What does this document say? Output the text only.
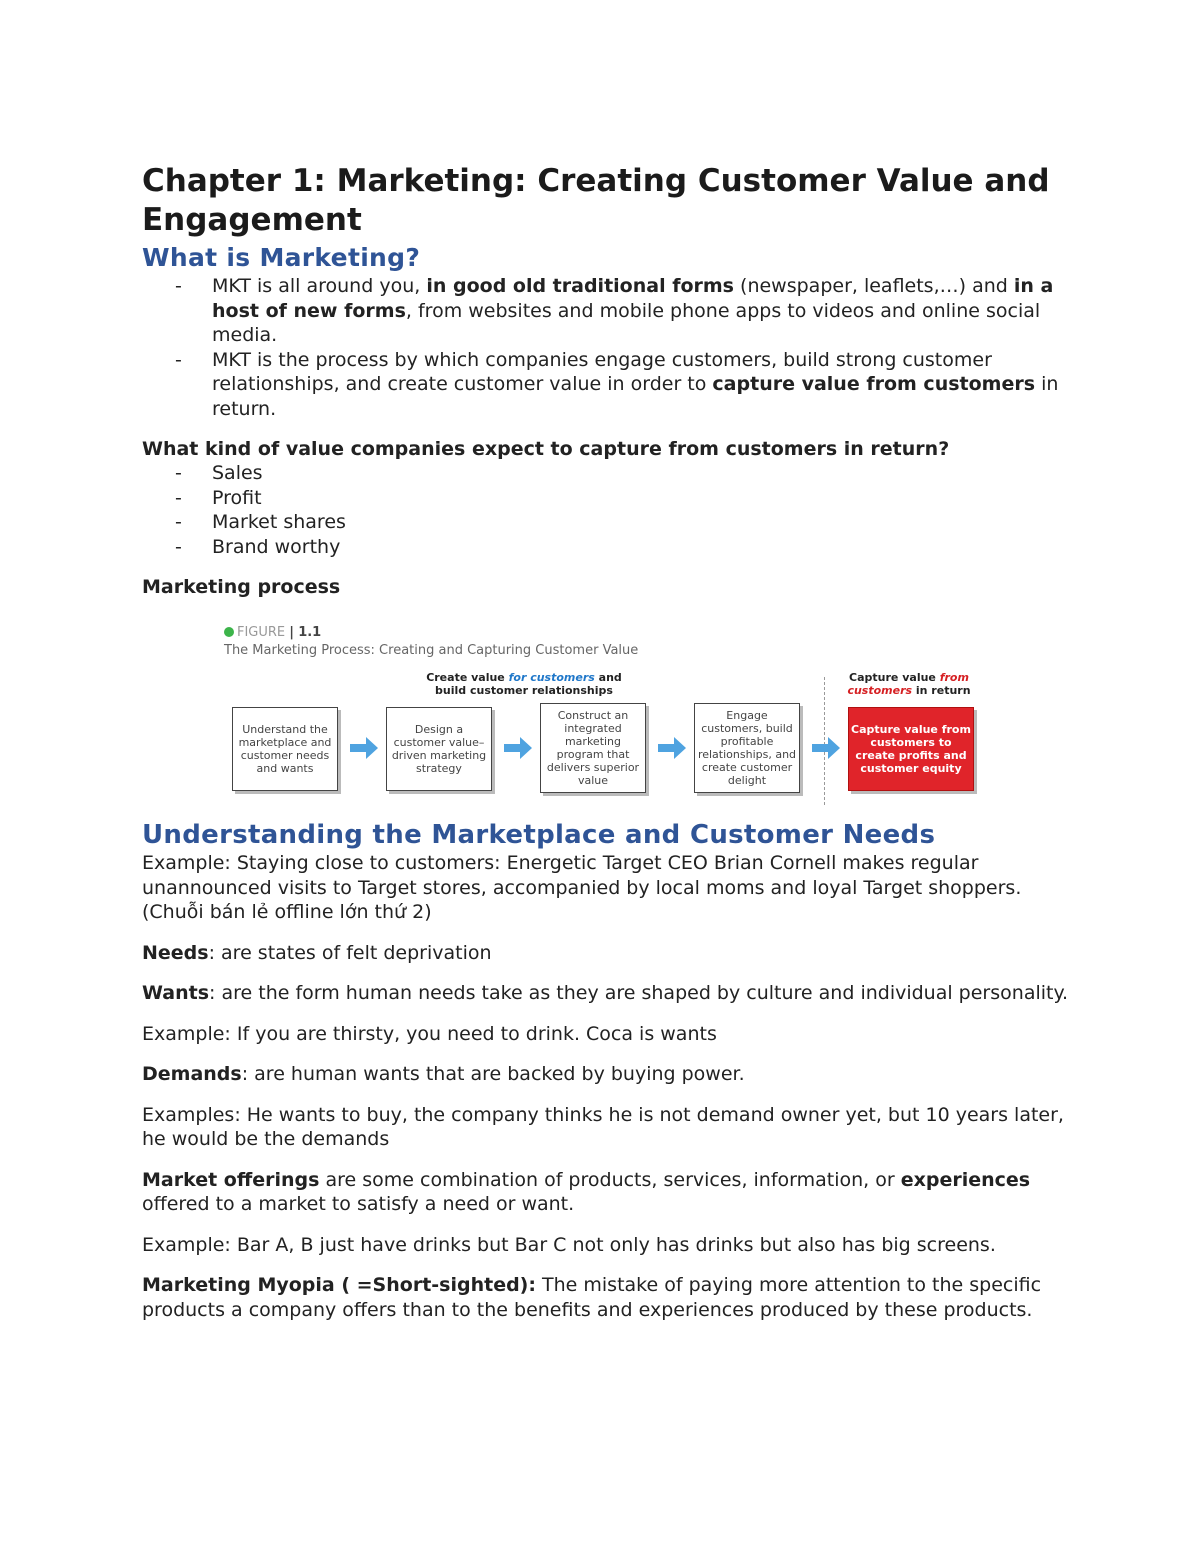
Chapter 1: Marketing: Creating Customer Value and Engagement
What is Marketing?
- MKT is all around you, in good old traditional forms (newspaper, leaflets,…) and in a host of new forms, from websites and mobile phone apps to videos and online social media.
- MKT is the process by which companies engage customers, build strong customer relationships, and create customer value in order to capture value from customers in return.

What kind of value companies expect to capture from customers in return?

- Sales
- Profit
- Market shares
- Brand worthy

Marketing process

FIGURE | 1.1
The Marketing Process: Creating and Capturing Customer Value
Create value for customers and
build customer relationships
Capture value from
customers in return
Understand the marketplace and customer needs and wants
Design a customer value–driven marketing strategy
Construct an integrated marketing program that delivers superior value
Engage customers, build profitable relationships, and create customer delight
Capture value from customers to create profits and customer equity
Understanding the Marketplace and Customer Needs

Example: Staying close to customers: Energetic Target CEO Brian Cornell makes regular unannounced visits to Target stores, accompanied by local moms and loyal Target shoppers. (Chuỗi bán lẻ offline lớn thứ 2)

Needs: are states of felt deprivation

Wants: are the form human needs take as they are shaped by culture and individual personality.

Example: If you are thirsty, you need to drink. Coca is wants

Demands: are human wants that are backed by buying power.

Examples: He wants to buy, the company thinks he is not demand owner yet, but 10 years later, he would be the demands

Market offerings are some combination of products, services, information, or experiences offered to a market to satisfy a need or want.

Example: Bar A, B just have drinks but Bar C not only has drinks but also has big screens.

Marketing Myopia ( =Short-sighted): The mistake of paying more attention to the specific products a company offers than to the benefits and experiences produced by these products.
